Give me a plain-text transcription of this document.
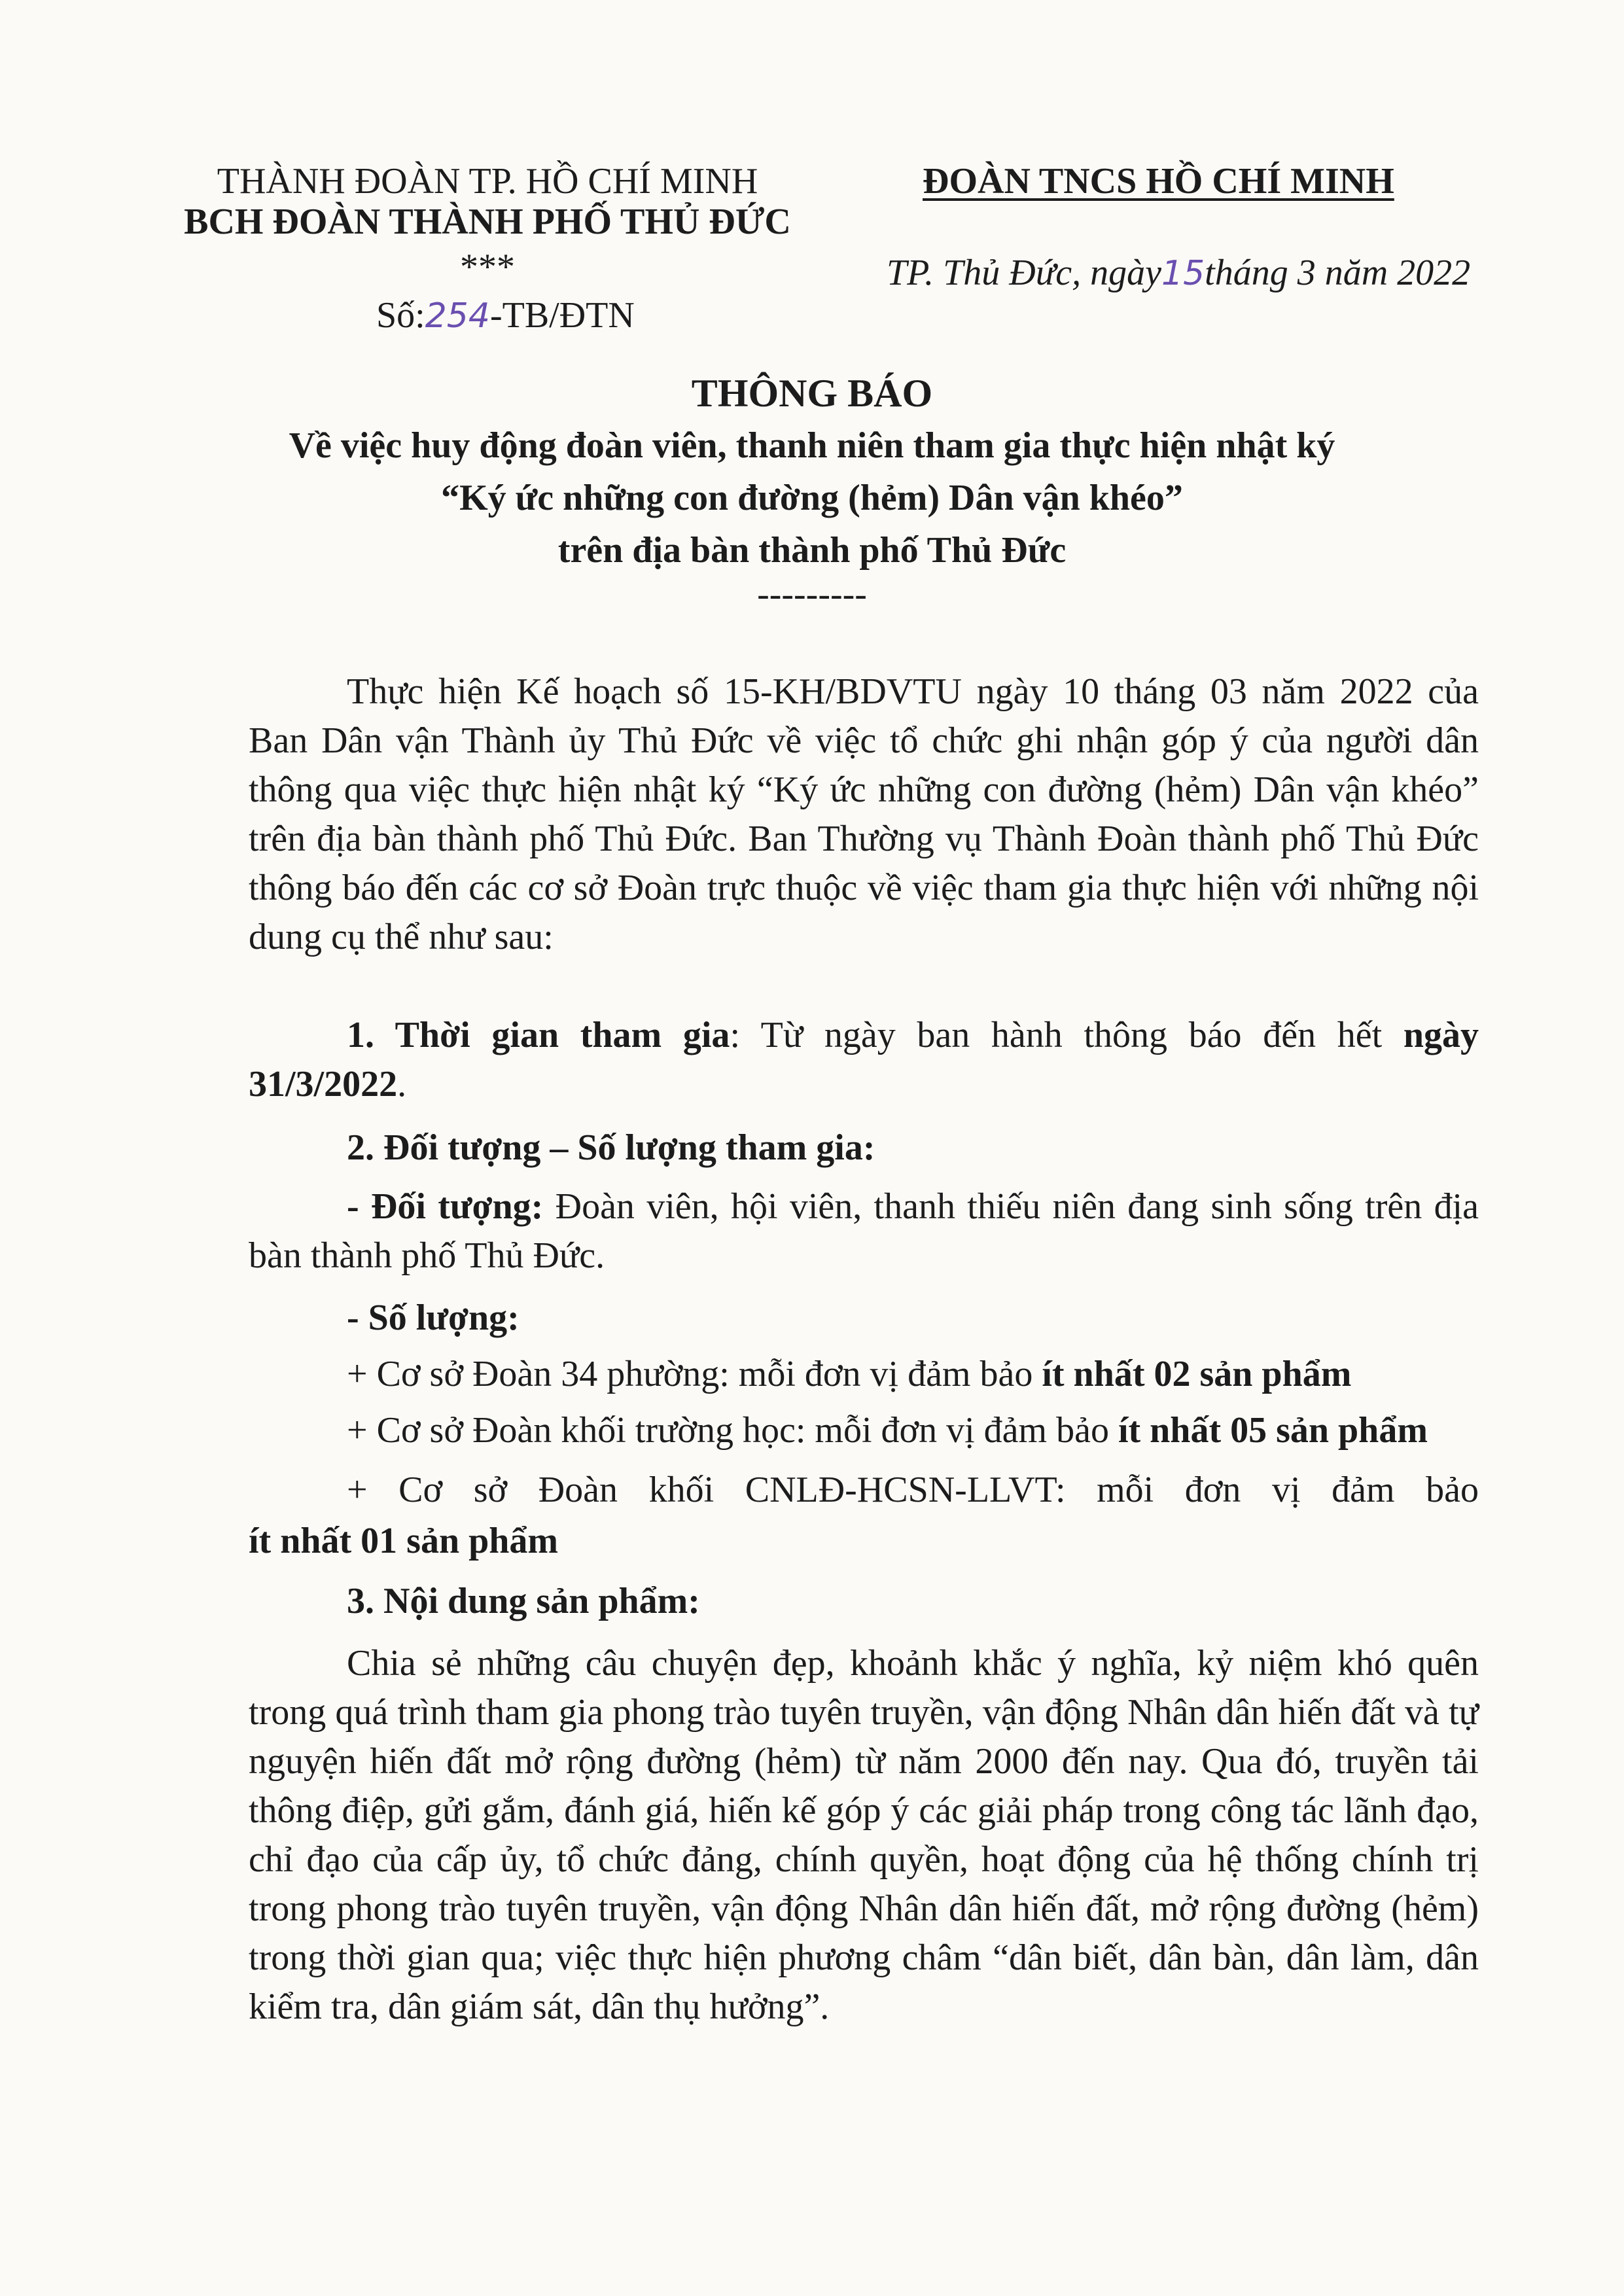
THÀNH ĐOÀN TP. HỒ CHÍ MINH
BCH ĐOÀN THÀNH PHỐ THỦ ĐỨC
***
Số:254-TB/ĐTN
ĐOÀN TNCS HỒ CHÍ MINH
TP. Thủ Đức, ngày15tháng 3 năm 2022
THÔNG BÁO
Về việc huy động đoàn viên, thanh niên tham gia thực hiện nhật ký
“Ký ức những con đường (hẻm) Dân vận khéo”
trên địa bàn thành phố Thủ Đức
---------
Thực hiện Kế hoạch số 15-KH/BDVTU ngày 10 tháng 03 năm 2022 của Ban Dân vận Thành ủy Thủ Đức về việc tổ chức ghi nhận góp ý của người dân thông qua việc thực hiện nhật ký “Ký ức những con đường (hẻm) Dân vận khéo” trên địa bàn thành phố Thủ Đức. Ban Thường vụ Thành Đoàn thành phố Thủ Đức thông báo đến các cơ sở Đoàn trực thuộc về việc tham gia thực hiện với những nội dung cụ thể như sau:
1. Thời gian tham gia: Từ ngày ban hành thông báo đến hết ngày 31/3/2022.
2. Đối tượng – Số lượng tham gia:
- Đối tượng: Đoàn viên, hội viên, thanh thiếu niên đang sinh sống trên địa bàn thành phố Thủ Đức.
- Số lượng:
+ Cơ sở Đoàn 34 phường: mỗi đơn vị đảm bảo ít nhất 02 sản phẩm
+ Cơ sở Đoàn khối trường học: mỗi đơn vị đảm bảo ít nhất 05 sản phẩm
+ Cơ sở Đoàn khối CNLĐ-HCSN-LLVT: mỗi đơn vị đảm bảo
ít nhất 01 sản phẩm
3. Nội dung sản phẩm:
Chia sẻ những câu chuyện đẹp, khoảnh khắc ý nghĩa, kỷ niệm khó quên trong quá trình tham gia phong trào tuyên truyền, vận động Nhân dân hiến đất và tự nguyện hiến đất mở rộng đường (hẻm) từ năm 2000 đến nay. Qua đó, truyền tải thông điệp, gửi gắm, đánh giá, hiến kế góp ý các giải pháp trong công tác lãnh đạo, chỉ đạo của cấp ủy, tổ chức đảng, chính quyền, hoạt động của hệ thống chính trị trong phong trào tuyên truyền, vận động Nhân dân hiến đất, mở rộng đường (hẻm) trong thời gian qua; việc thực hiện phương châm “dân biết, dân bàn, dân làm, dân kiểm tra, dân giám sát, dân thụ hưởng”.
